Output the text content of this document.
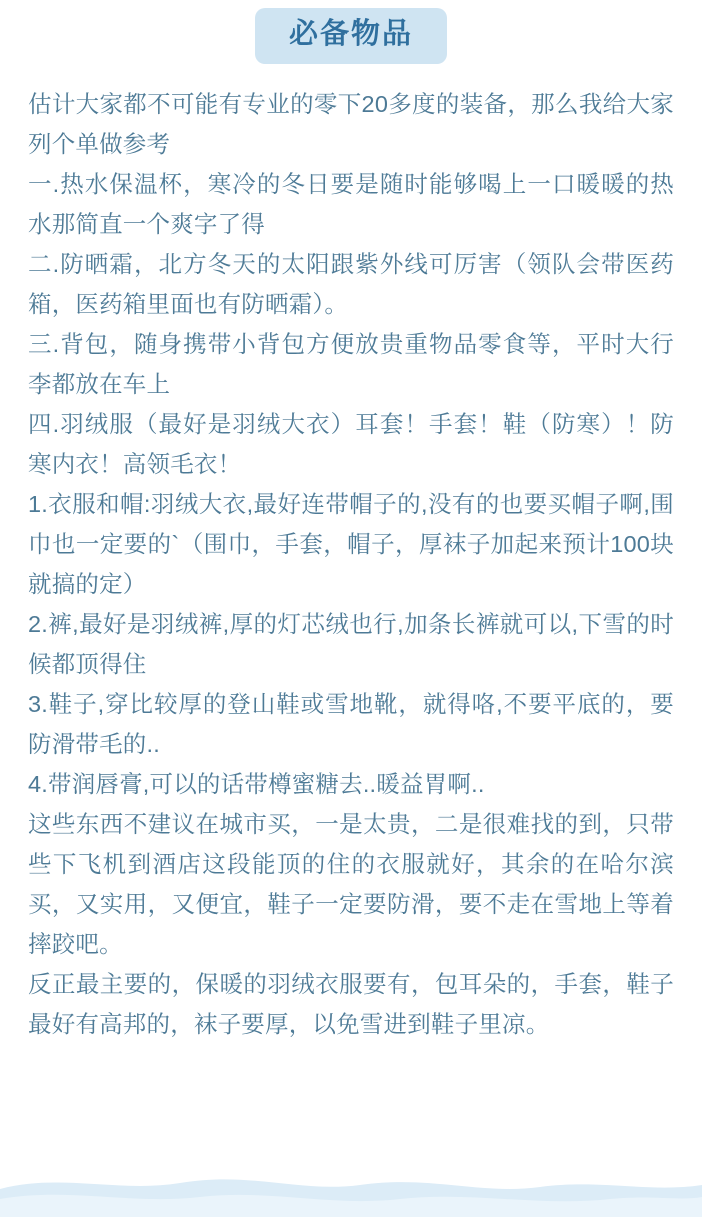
必备物品

估计大家都不可能有专业的零下20多度的装备，那么我给大家列个单做参考

一.热水保温杯，寒冷的冬日要是随时能够喝上一口暖暖的热水那简直一个爽字了得

二.防晒霜，北方冬天的太阳跟紫外线可厉害（领队会带医药箱，医药箱里面也有防晒霜）。

三.背包，随身携带小背包方便放贵重物品零食等，平时大行李都放在车上

四.羽绒服（最好是羽绒大衣）耳套！手套！鞋（防寒）！防寒内衣！高领毛衣！

1.衣服和帽:羽绒大衣,最好连带帽子的,没有的也要买帽子啊,围巾也一定要的`（围巾，手套，帽子，厚袜子加起来预计100块就搞的定）

2.裤,最好是羽绒裤,厚的灯芯绒也行,加条长裤就可以,下雪的时候都顶得住

3.鞋子,穿比较厚的登山鞋或雪地靴，就得咯,不要平底的，要防滑带毛的..

4.带润唇膏,可以的话带樽蜜糖去..暖益胃啊..

这些东西不建议在城市买，一是太贵，二是很难找的到，只带些下飞机到酒店这段能顶的住的衣服就好，其余的在哈尔滨买，又实用，又便宜，鞋子一定要防滑，要不走在雪地上等着摔跤吧。

反正最主要的，保暖的羽绒衣服要有，包耳朵的，手套，鞋子最好有高邦的，袜子要厚，以免雪进到鞋子里凉。
